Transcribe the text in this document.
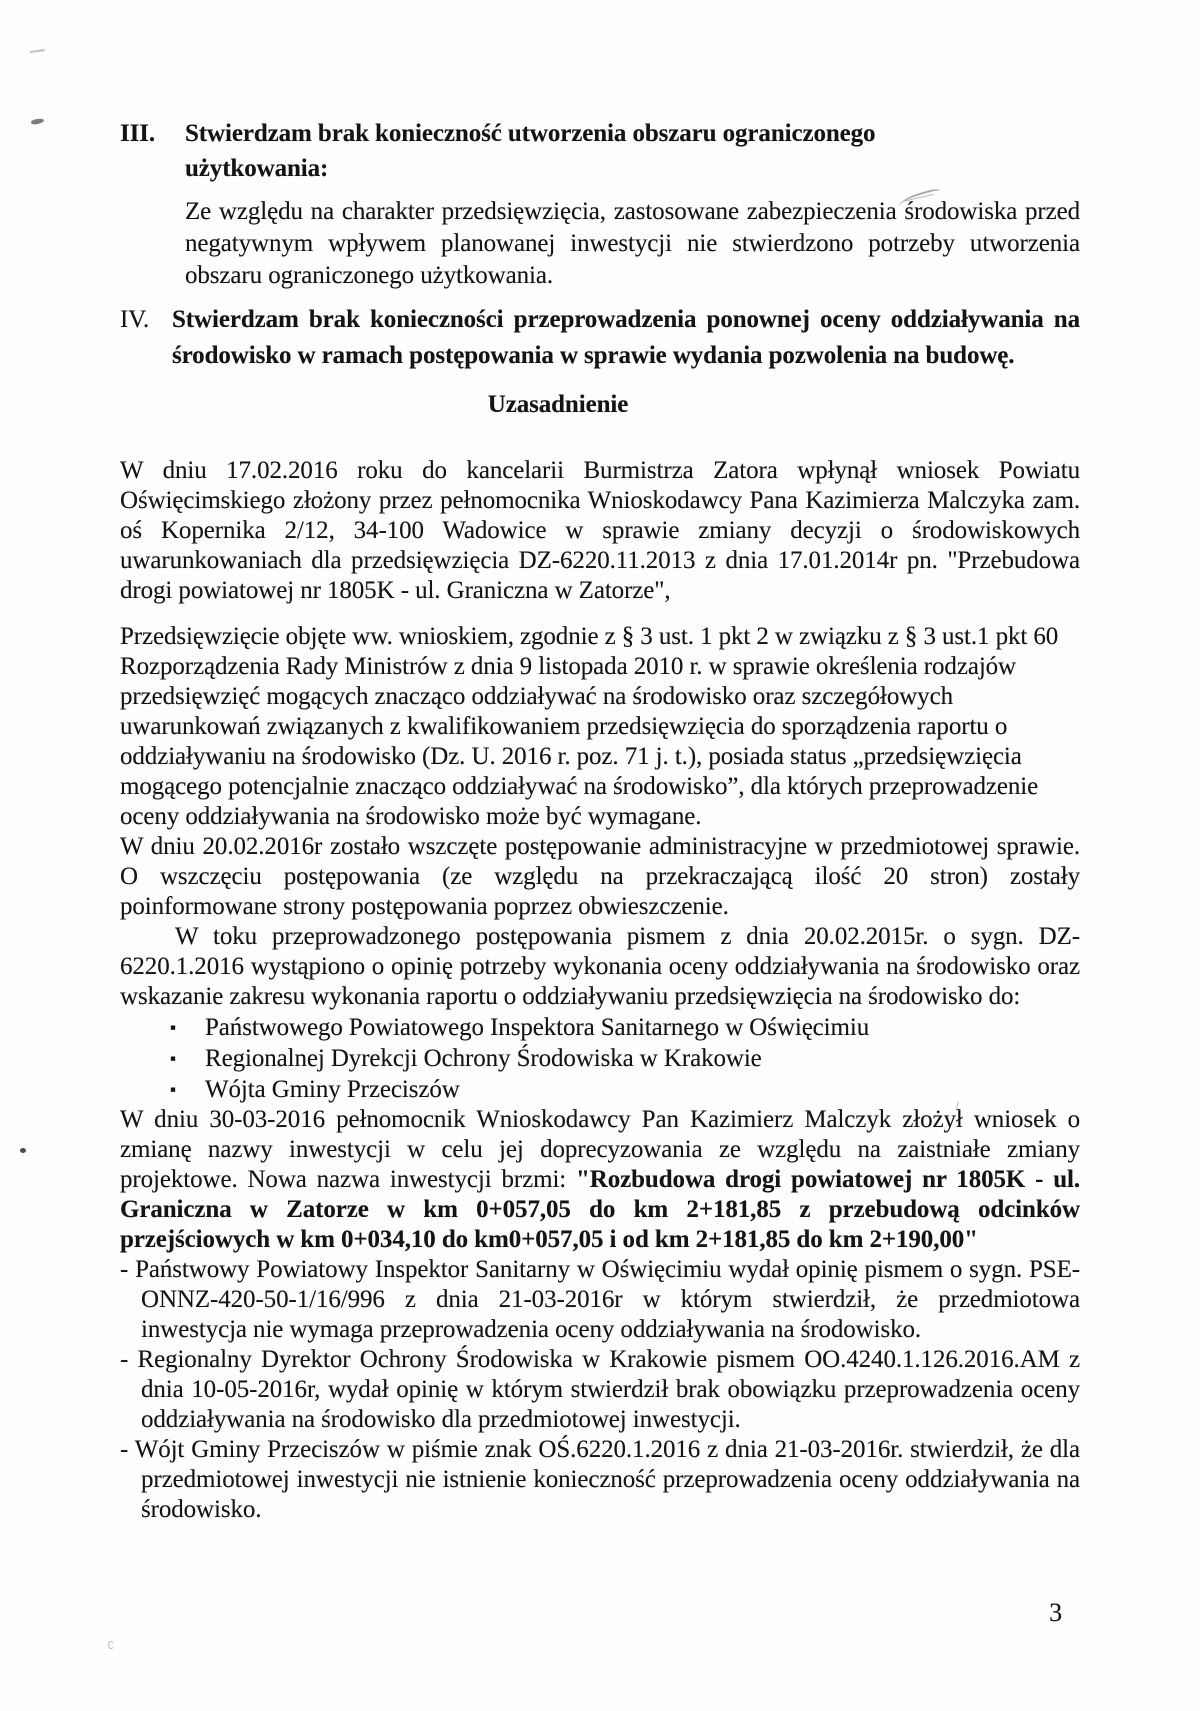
III.	Stwierdzam brak konieczność utworzenia obszaru ograniczonego użytkowania:

Ze względu na charakter przedsięwzięcia, zastosowane zabezpieczenia środowiska przed negatywnym wpływem planowanej inwestycji nie stwierdzono potrzeby utworzenia obszaru ograniczonego użytkowania.

IV. Stwierdzam brak konieczności przeprowadzenia ponownej oceny oddziaływania na środowisko w ramach postępowania w sprawie wydania pozwolenia na budowę.
Uzasadnienie

W dniu 17.02.2016 roku do kancelarii Burmistrza Zatora wpłynął wniosek Powiatu Oświęcimskiego złożony przez pełnomocnika Wnioskodawcy Pana Kazimierza Malczyka zam. oś Kopernika 2/12, 34-100 Wadowice w sprawie zmiany decyzji o środowiskowych uwarunkowaniach dla przedsięwzięcia DZ-6220.11.2013 z dnia 17.01.2014r pn. "Przebudowa drogi powiatowej nr 1805K - ul. Graniczna w Zatorze",

Przedsięwzięcie objęte ww. wnioskiem, zgodnie z § 3 ust. 1 pkt 2 w związku z § 3 ust.1 pkt 60 Rozporządzenia Rady Ministrów z dnia 9 listopada 2010 r. w sprawie określenia rodzajów przedsięwzięć mogących znacząco oddziaływać na środowisko oraz szczegółowych uwarunkowań związanych z kwalifikowaniem przedsięwzięcia do sporządzenia raportu o oddziaływaniu na środowisko (Dz. U. 2016 r. poz. 71 j. t.), posiada status „przedsięwzięcia mogącego potencjalnie znacząco oddziaływać na środowisko”, dla których przeprowadzenie oceny oddziaływania na środowisko może być wymagane.

W dniu 20.02.2016r zostało wszczęte postępowanie administracyjne w przedmiotowej sprawie. O wszczęciu postępowania (ze względu na przekraczającą ilość 20 stron) zostały poinformowane strony postępowania poprzez obwieszczenie.

W toku przeprowadzonego postępowania pismem z dnia 20.02.2015r. o sygn. DZ-6220.1.2016 wystąpiono o opinię potrzeby wykonania oceny oddziaływania na środowisko oraz wskazanie zakresu wykonania raportu o oddziaływaniu przedsięwzięcia na środowisko do:

▪ Państwowego Powiatowego Inspektora Sanitarnego w Oświęcimiu
▪ Regionalnej Dyrekcji Ochrony Środowiska w Krakowie
▪ Wójta Gminy Przeciszów

W dniu 30-03-2016 pełnomocnik Wnioskodawcy Pan Kazimierz Malczyk złożył wniosek o zmianę nazwy inwestycji w celu jej doprecyzowania ze względu na zaistniałe zmiany projektowe. Nowa nazwa inwestycji brzmi: "Rozbudowa drogi powiatowej nr 1805K - ul. Graniczna w Zatorze w km 0+057,05 do km 2+181,85 z przebudową odcinków przejściowych w km 0+034,10 do km0+057,05 i od km 2+181,85 do km 2+190,00"

- Państwowy Powiatowy Inspektor Sanitarny w Oświęcimiu wydał opinię pismem o sygn. PSE-ONNZ-420-50-1/16/996 z dnia 21-03-2016r w którym stwierdził, że przedmiotowa inwestycja nie wymaga przeprowadzenia oceny oddziaływania na środowisko.

- Regionalny Dyrektor Ochrony Środowiska w Krakowie pismem OO.4240.1.126.2016.AM z dnia 10-05-2016r, wydał opinię w którym stwierdził brak obowiązku przeprowadzenia oceny oddziaływania na środowisko dla przedmiotowej inwestycji.

- Wójt Gminy Przeciszów w piśmie znak OŚ.6220.1.2016 z dnia 21-03-2016r. stwierdził, że dla przedmiotowej inwestycji nie istnienie konieczność przeprowadzenia oceny oddziaływania na środowisko.

3
